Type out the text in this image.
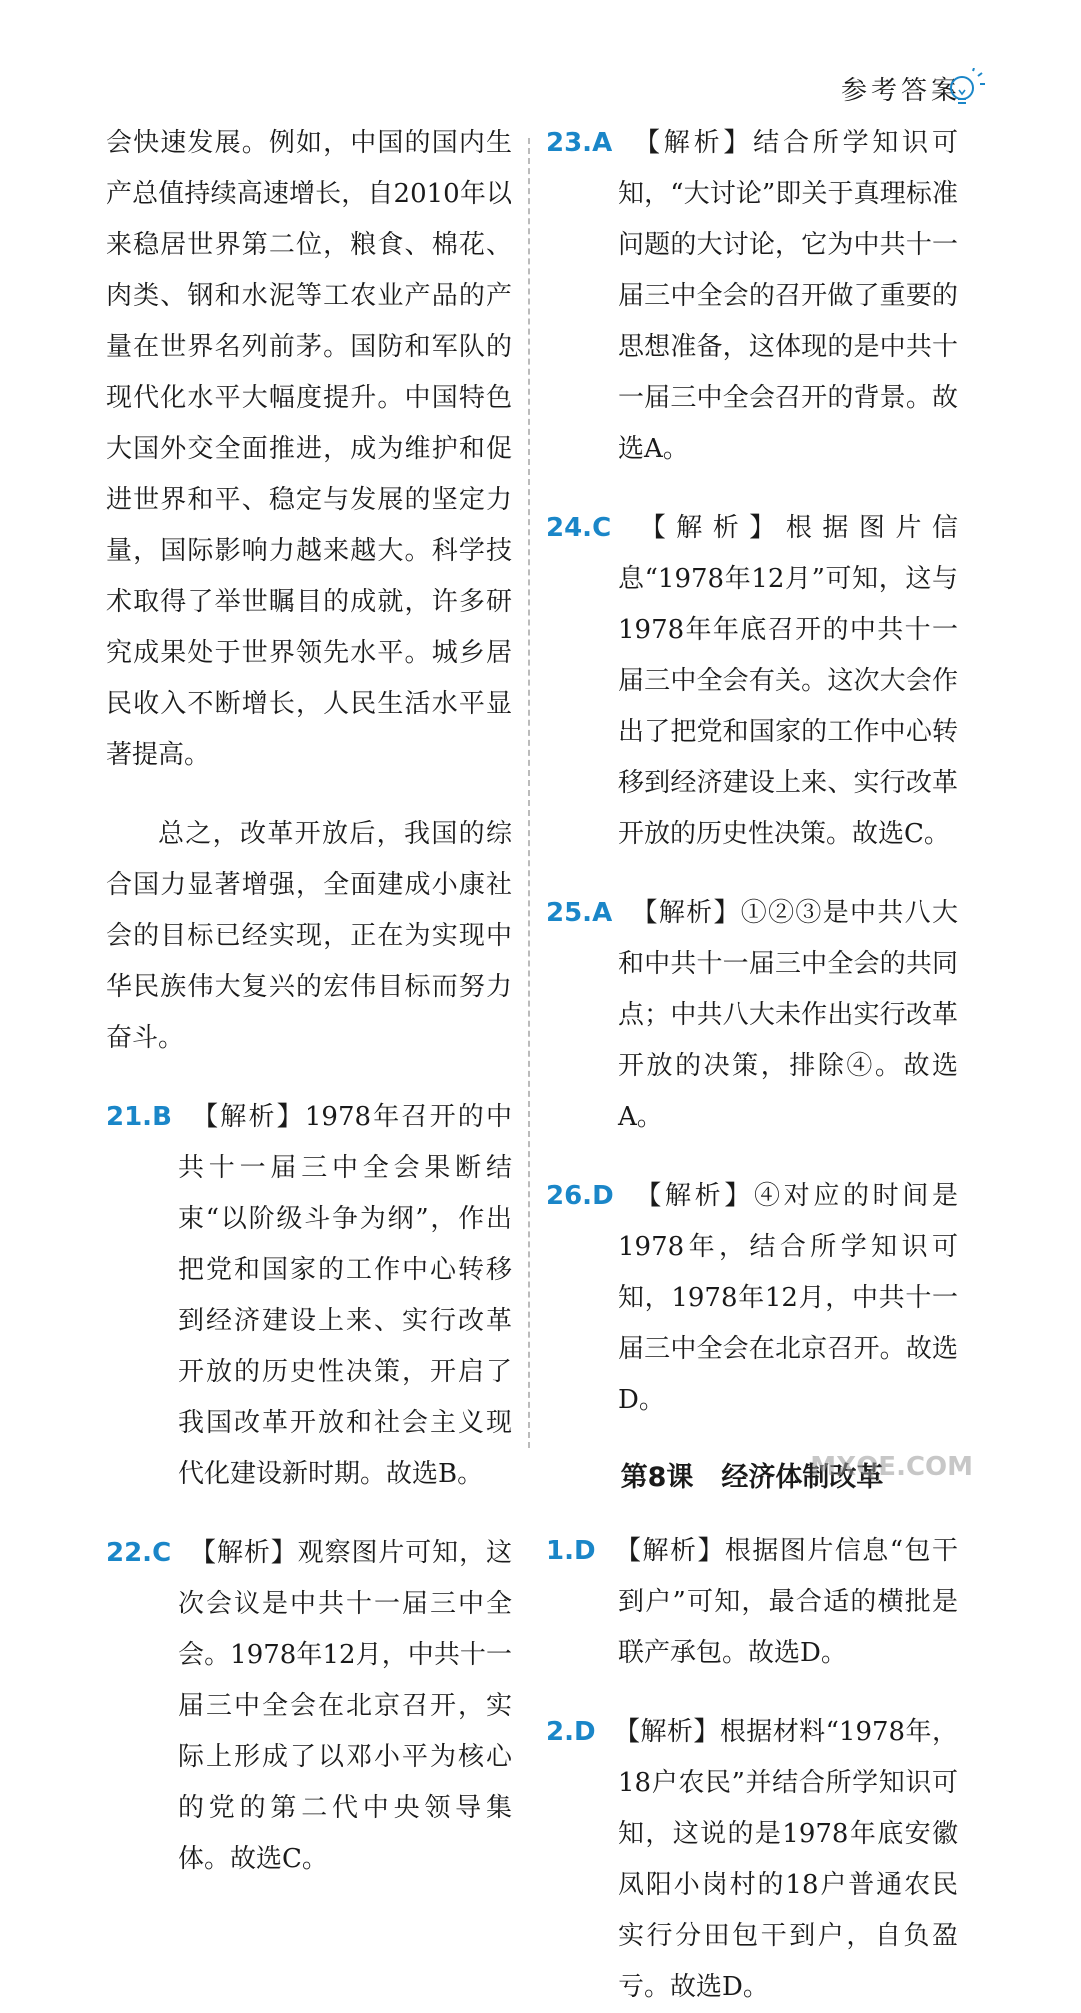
参考答案

会快速发展。例如，中国的国内生产总值持续高速增长，自2010年以来稳居世界第二位，粮食、棉花、肉类、钢和水泥等工农业产品的产量在世界名列前茅。国防和军队的现代化水平大幅度提升。中国特色大国外交全面推进，成为维护和促进世界和平、稳定与发展的坚定力量，国际影响力越来越大。科学技术取得了举世瞩目的成就，许多研究成果处于世界领先水平。城乡居民收入不断增长，人民生活水平显著提高。

总之，改革开放后，我国的综合国力显著增强，全面建成小康社会的目标已经实现，正在为实现中华民族伟大复兴的宏伟目标而努力奋斗。

21.B 【解析】1978年召开的中共十一届三中全会果断结束“以阶级斗争为纲”，作出把党和国家的工作中心转移到经济建设上来、实行改革开放的历史性决策，开启了我国改革开放和社会主义现代化建设新时期。故选B。

22.C 【解析】观察图片可知，这次会议是中共十一届三中全会。1978年12月，中共十一届三中全会在北京召开，实际上形成了以邓小平为核心的党的第二代中央领导集体。故选C。

23.A 【解析】结合所学知识可知，“大讨论”即关于真理标准问题的大讨论，它为中共十一届三中全会的召开做了重要的思想准备，这体现的是中共十一届三中全会召开的背景。故选A。

24.C 【解析】根据图片信息“1978年12月”可知，这与1978年年底召开的中共十一届三中全会有关。这次大会作出了把党和国家的工作中心转移到经济建设上来、实行改革开放的历史性决策。故选C。

25.A 【解析】①②③是中共八大和中共十一届三中全会的共同点；中共八大未作出实行改革开放的决策，排除④。故选A。

26.D 【解析】④对应的时间是1978年，结合所学知识可知，1978年12月，中共十一届三中全会在北京召开。故选D。

第8课 经济体制改革

1.D 【解析】根据图片信息“包干到户”可知，最合适的横批是联产承包。故选D。

2.D 【解析】根据材料“1978年，18户农民”并结合所学知识可知，这说的是1978年底安徽凤阳小岗村的18户普通农民实行分田包干到户，自负盈亏。故选D。

MXQE.COM
